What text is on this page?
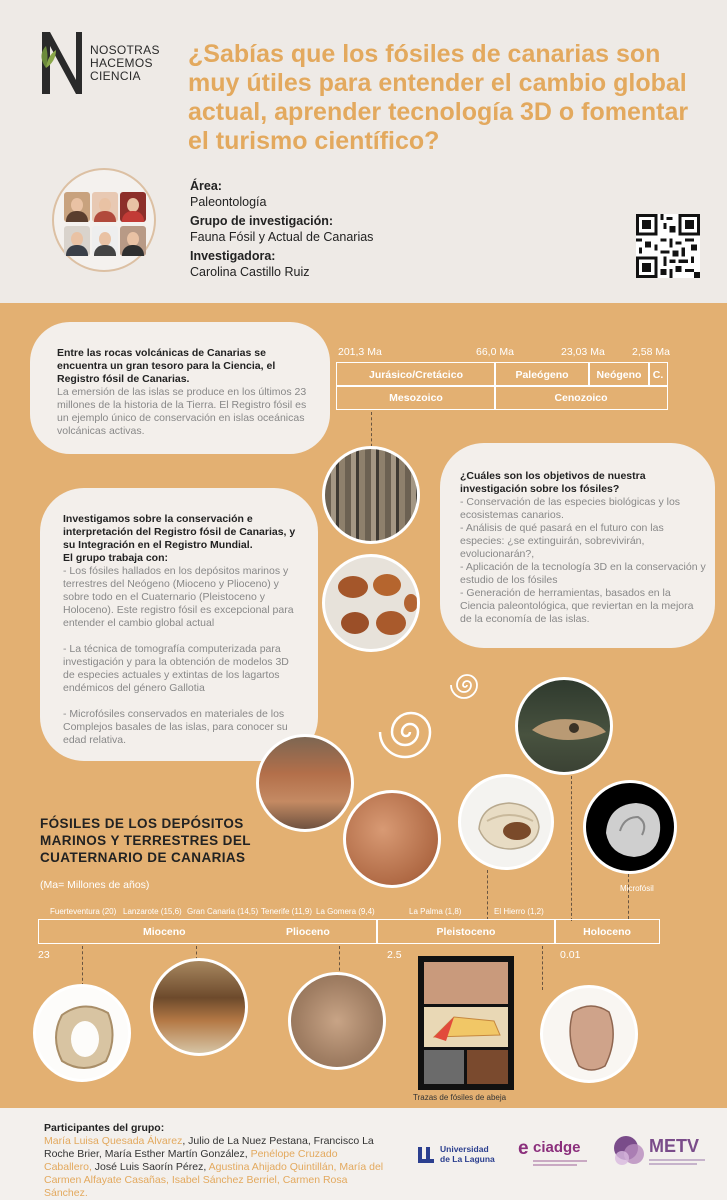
NOSOTRAS
HACEMOS
CIENCIA
¿Sabías que los fósiles de canarias son muy útiles para entender el cambio global actual, aprender tecnología 3D o fomentar el turismo científico?
Área:
Paleontología
Grupo de investigación:
Fauna Fósil y Actual de Canarias
Investigadora:
Carolina Castillo Ruiz
Entre las rocas volcánicas de Canarias se encuentra un gran tesoro para la Ciencia, el Registro fósil de Canarias.
La emersión de las islas se produce en los últimos 23 millones de la historia de la Tierra. El Registro fósil es un ejemplo único de conservación en islas oceánicas volcánicas activas.
201,3 Ma	66,0 Ma	23,03 Ma	2,58 Ma
Jurásico/Cretácico	Paleógeno	Neógeno	C.
Mesozoico	Cenozoico
¿Cuáles son los objetivos de nuestra investigación sobre los fósiles?
- Conservación de las especies biológicas y los ecosistemas canarios.
- Análisis de qué pasará en el futuro con las especies: ¿se extinguirán, sobrevivirán, evolucionarán?,
- Aplicación de la tecnología 3D en la conservación y estudio de los fósiles
- Generación de herramientas, basados en la Ciencia paleontológica, que reviertan en la mejora de la economía de las islas.
Investigamos sobre la conservación e interpretación del Registro fósil de Canarias, y su Integración en el Registro Mundial.
El grupo trabaja con:
- Los fósiles hallados en los depósitos marinos y terrestres del Neógeno (Mioceno y Plioceno) y sobre todo en el Cuaternario (Pleistoceno y Holoceno). Este registro fósil es excepcional para entender el cambio global actual
- La técnica de tomografía computerizada para investigación y para la obtención de modelos 3D de especies actuales y extintas de los lagartos endémicos del género Gallotia
- Microfósiles conservados en materiales de los Complejos basales de las islas, para conocer su edad relativa.
Microfósil
FÓSILES DE LOS DEPÓSITOS
MARINOS Y TERRESTRES DEL
CUATERNARIO DE CANARIAS
(Ma= Millones de años)
Fuerteventura (20) Lanzarote (15,6) Gran Canaria (14,5) Tenerife (11,9) La Gomera (9,4)	La Palma (1,8)	El Hierro (1,2)
Mioceno	Plioceno	Pleistoceno	Holoceno
23	2.5	0.01
Trazas de fósiles de abeja
Participantes del grupo:
María Luisa Quesada Álvarez, Julio de La Nuez Pestana, Francisco La Roche Brier, María Esther Martín González, Penélope Cruzado Caballero, José Luis Saorín Pérez, Agustina Ahijado Quintillán, María del Carmen Alfayate Casañas, Isabel Sánchez Berriel, Carmen Rosa Sánchez.
Universidad
de La Laguna e ciadge	METV
